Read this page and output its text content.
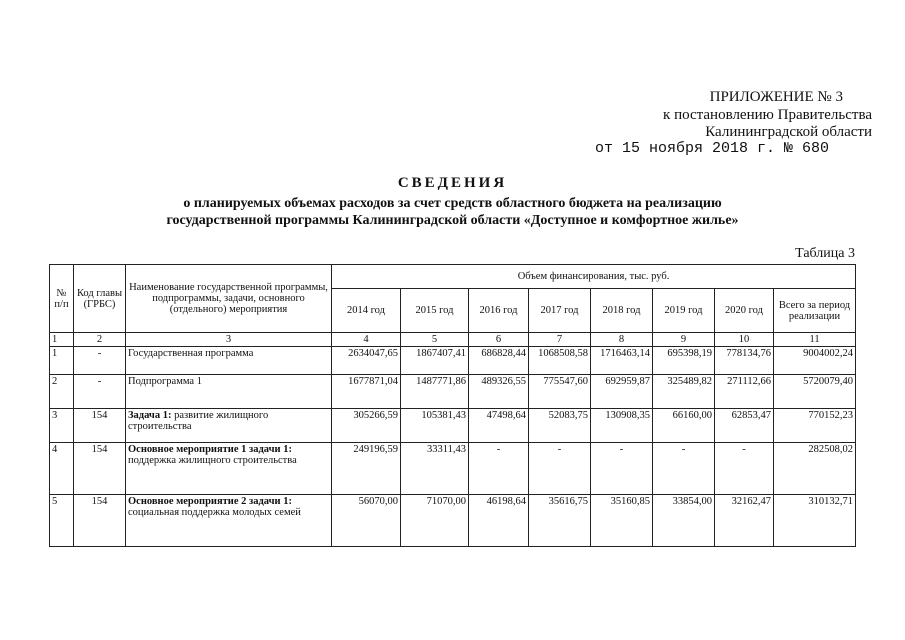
ПРИЛОЖЕНИЕ № 3
к постановлению Правительства
Калининградской области
от 15 ноября 2018 г. № 680
СВЕДЕНИЯ
о планируемых объемах расходов за счет средств областного бюджета на реализацию
государственной программы Калининградской области «Доступное и комфортное жилье»
Таблица 3
№ п/п	Код главы (ГРБС)	Наименование государственной программы, подпрограммы, задачи, основного (отдельного) мероприятия	Объем финансирования, тыс. руб.							
			2014 год	2015 год	2016 год	2017 год	2018 год	2019 год	2020 год	Всего за период реализации
1	2	3	4	5	6	7	8	9	10	11
1	-	Государственная программа	2634047,65	1867407,41	686828,44	1068508,58	1716463,14	695398,19	778134,76	9004002,24
2	-	Подпрограмма 1	1677871,04	1487771,86	489326,55	775547,60	692959,87	325489,82	271112,66	5720079,40
3	154	Задача 1: развитие жилищного строительства	305266,59	105381,43	47498,64	52083,75	130908,35	66160,00	62853,47	770152,23
4	154	Основное мероприятие 1 задачи 1: поддержка жилищного строительства	249196,59	33311,43	-	-	-	-	-	282508,02
5	154	Основное мероприятие 2 задачи 1: социальная поддержка молодых семей	56070,00	71070,00	46198,64	35616,75	35160,85	33854,00	32162,47	310132,71
